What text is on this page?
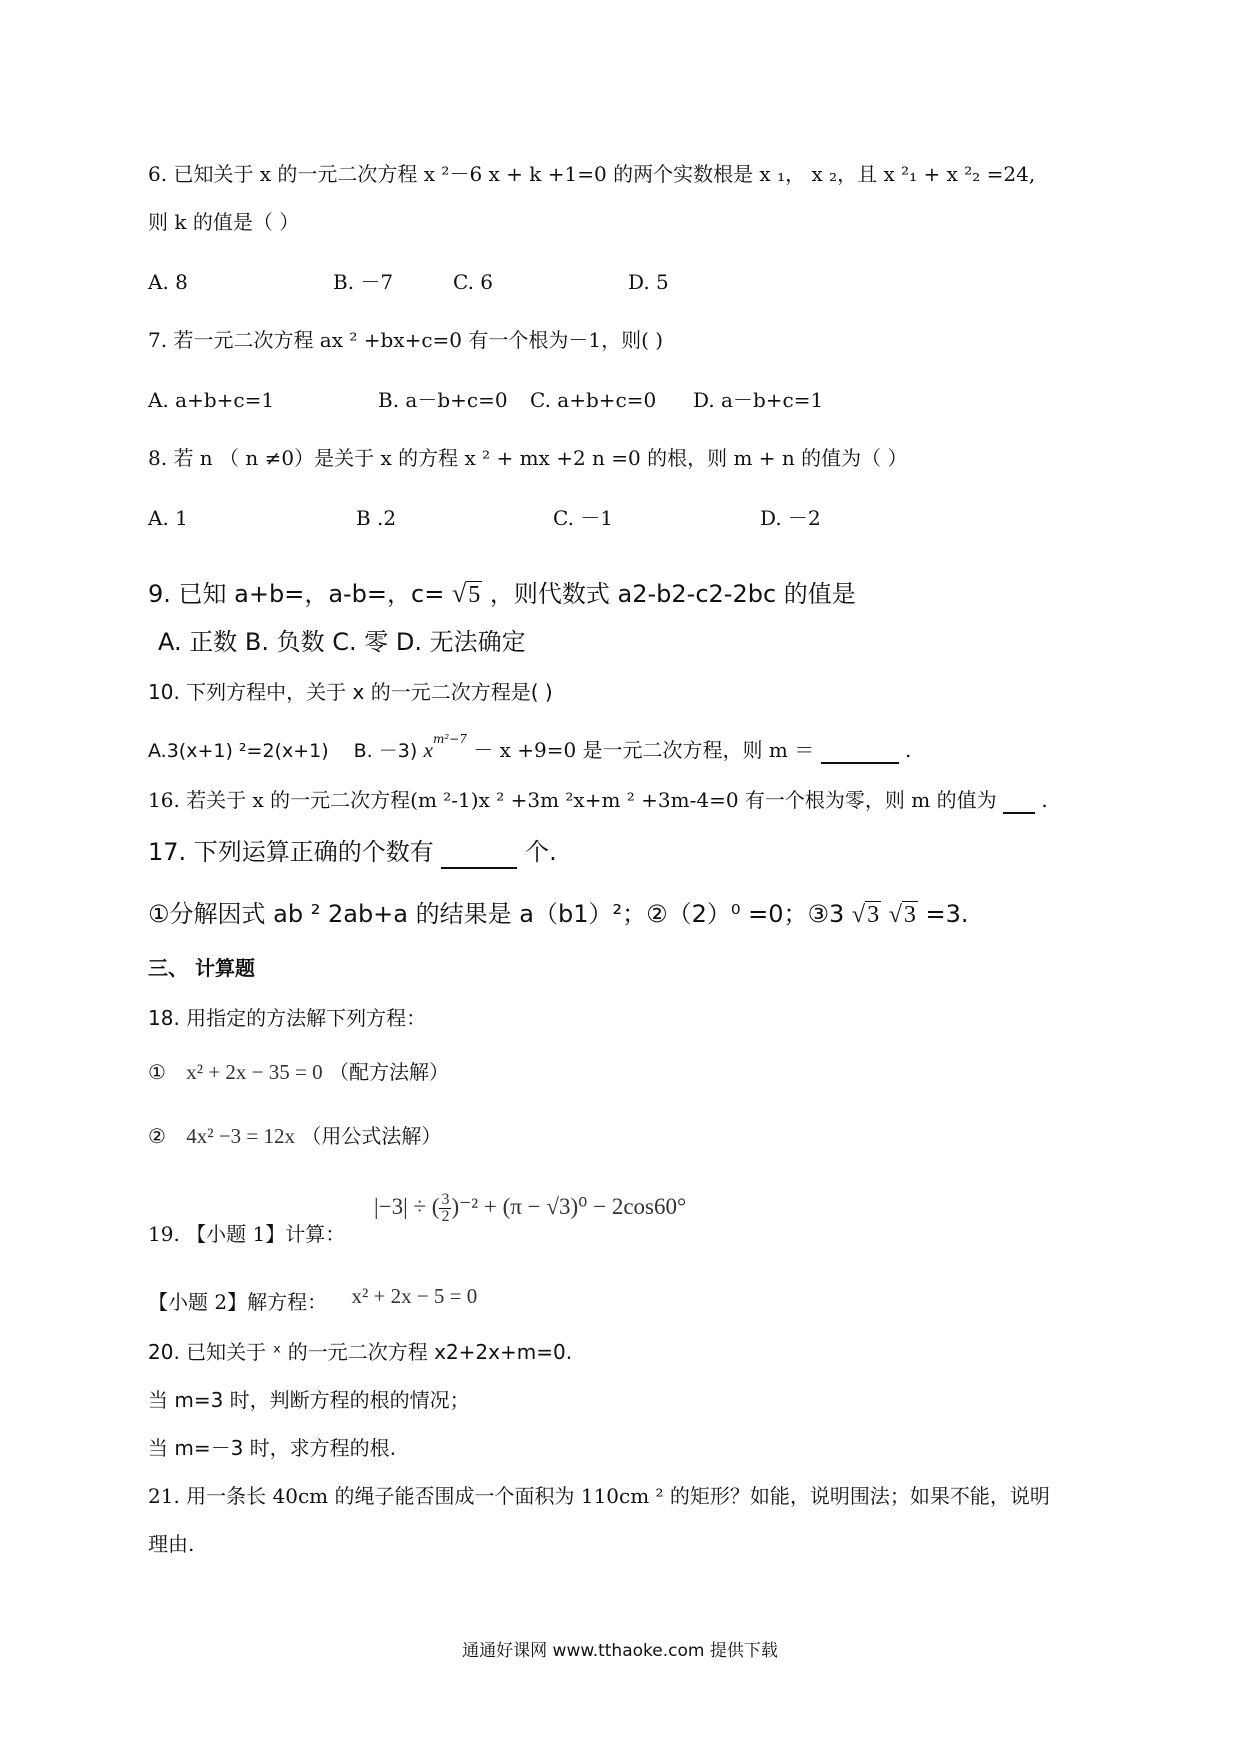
6. 已知关于 x 的一元二次方程 x ²－6 x + k +1=0 的两个实数根是 x ₁， x ₂，且 x ²₁ + x ²₂ =24,
则 k 的值是（ ）
A. 8	B. －7	C. 6	D. 5
7. 若一元二次方程 ax ² +bx+c=0 有一个根为－1，则( )
A. a+b+c=1	B. a－b+c=0 C. a+b+c=0 D. a－b+c=1
8. 若 n （ n ≠0）是关于 x 的方程 x ² + mx +2 n =0 的根，则 m + n 的值为（ ）
A. 1	B .2	C. －1	D. －2
9. 已知 a+b=，a-b=，c= √5 ，则代数式 a2-b2-c2-2bc 的值是
A. 正数 B. 负数 C. 零 D. 无法确定
10. 下列方程中，关于 x 的一元二次方程是( )
A.3(x+1) ²=2(x+1)　 B. －3) $x^{m^2-7} - x +9=0$ 是一元二次方程，则 m ＝	.
16. 若关于 x 的一元二次方程(m ²-1)x ² +3m ²x+m ² +3m-4=0 有一个根为零，则 m 的值为 .
17. 下列运算正确的个数有	个.
①分解因式 ab ² 2ab+a 的结果是 a（b1）²；②（2）⁰ =0；③3 √3 √3 =3.
三、 计算题
18. 用指定的方法解下列方程：
① x² + 2x − 35 = 0 （配方法解）
② 4x² −3 = 12x （用公式法解）
19. 【小题 1】计算：
|−3| ÷ ( $\frac{3}{2} )^{-2} + (\pi - √3)^0 - 2\cos 60^\circ$
【小题 2】解方程： x² + 2x − 5 = 0
20. 已知关于 ˣ 的一元二次方程 x2+2x+m=0.
当 m=3 时，判断方程的根的情况；
当 m=－3 时，求方程的根.
21. 用一条长 40cm 的绳子能否围成一个面积为 110cm ² 的矩形？如能，说明围法；如果不能，说明
理由.
通通好课网 www.tthaoke.com 提供下载
